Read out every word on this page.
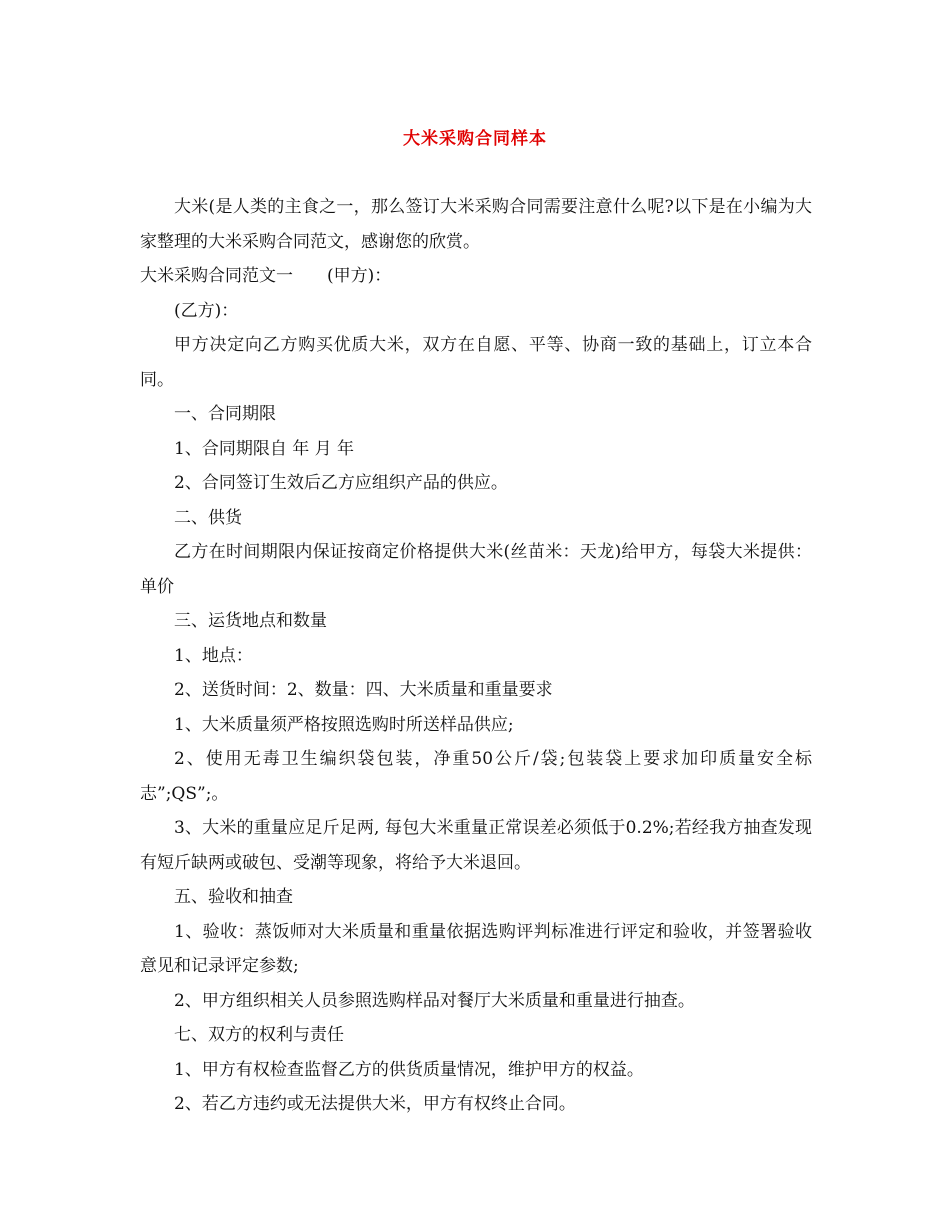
大米采购合同样本

大米(是人类的主食之一，那么签订大米采购合同需要注意什么呢?以下是在小编为大家整理的大米采购合同范文，感谢您的欣赏。

大米采购合同范文一　　(甲方)：

(乙方)：

甲方决定向乙方购买优质大米，双方在自愿、平等、协商一致的基础上，订立本合同。

一、合同期限

1、合同期限自 年 月 年

2、合同签订生效后乙方应组织产品的供应。

二、供货

乙方在时间期限内保证按商定价格提供大米(丝苗米：天龙)给甲方，每袋大米提供：单价

三、运货地点和数量

1、地点：

2、送货时间：2、数量：四、大米质量和重量要求

1、大米质量须严格按照选购时所送样品供应;

2、使用无毒卫生编织袋包装，净重50公斤/袋;包装袋上要求加印质量安全标志”;QS”;。

3、大米的重量应足斤足两, 每包大米重量正常误差必须低于0.2%;若经我方抽查发现有短斤缺两或破包、受潮等现象，将给予大米退回。

五、验收和抽查

1、验收：蒸饭师对大米质量和重量依据选购评判标准进行评定和验收，并签署验收意见和记录评定参数;

2、甲方组织相关人员参照选购样品对餐厅大米质量和重量进行抽查。

七、双方的权利与责任

1、甲方有权检查监督乙方的供货质量情况，维护甲方的权益。

2、若乙方违约或无法提供大米，甲方有权终止合同。
